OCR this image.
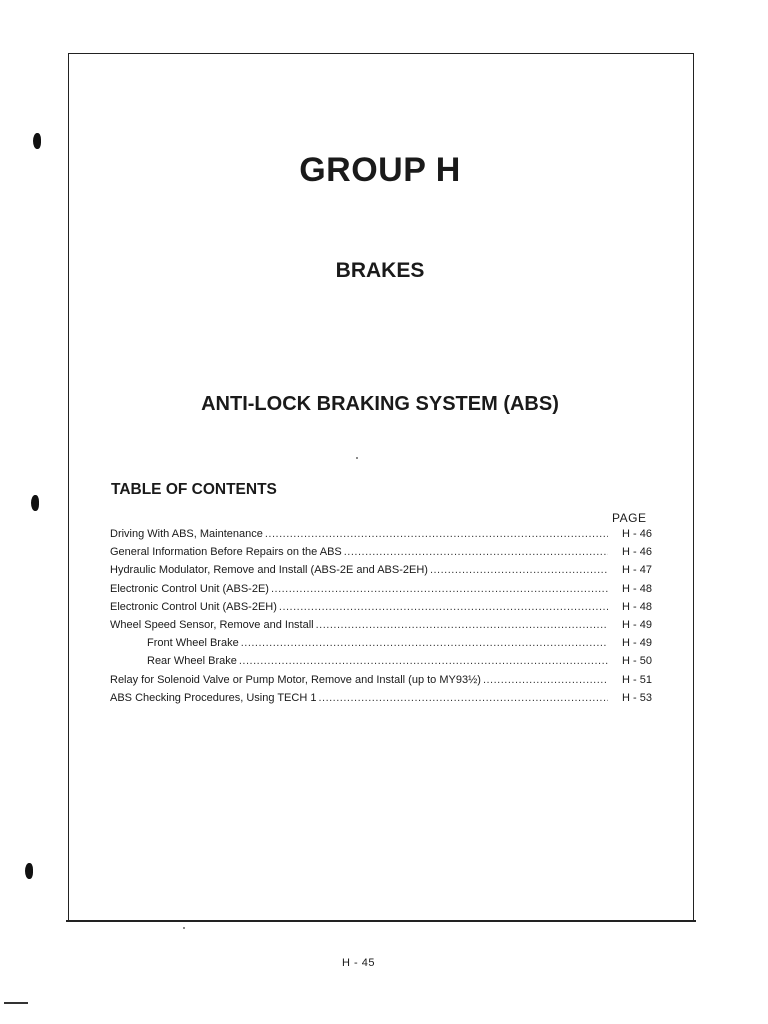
GROUP H
BRAKES
ANTI-LOCK BRAKING SYSTEM (ABS)
TABLE OF CONTENTS
PAGE
Driving With ABS, Maintenance .....	H - 46
General Information Before Repairs on the ABS .....	H - 46
Hydraulic Modulator, Remove and Install (ABS-2E and ABS-2EH) .....	H - 47
Electronic Control Unit (ABS-2E) .....	H - 48
Electronic Control Unit (ABS-2EH) .....	H - 48
Wheel Speed Sensor, Remove and Install .....	H - 49
Front Wheel Brake .....	H - 49
Rear Wheel Brake .....	H - 50
Relay for Solenoid Valve or Pump Motor, Remove and Install (up to MY93½) .....	H - 51
ABS Checking Procedures, Using TECH 1 .....	H - 53
H - 45
